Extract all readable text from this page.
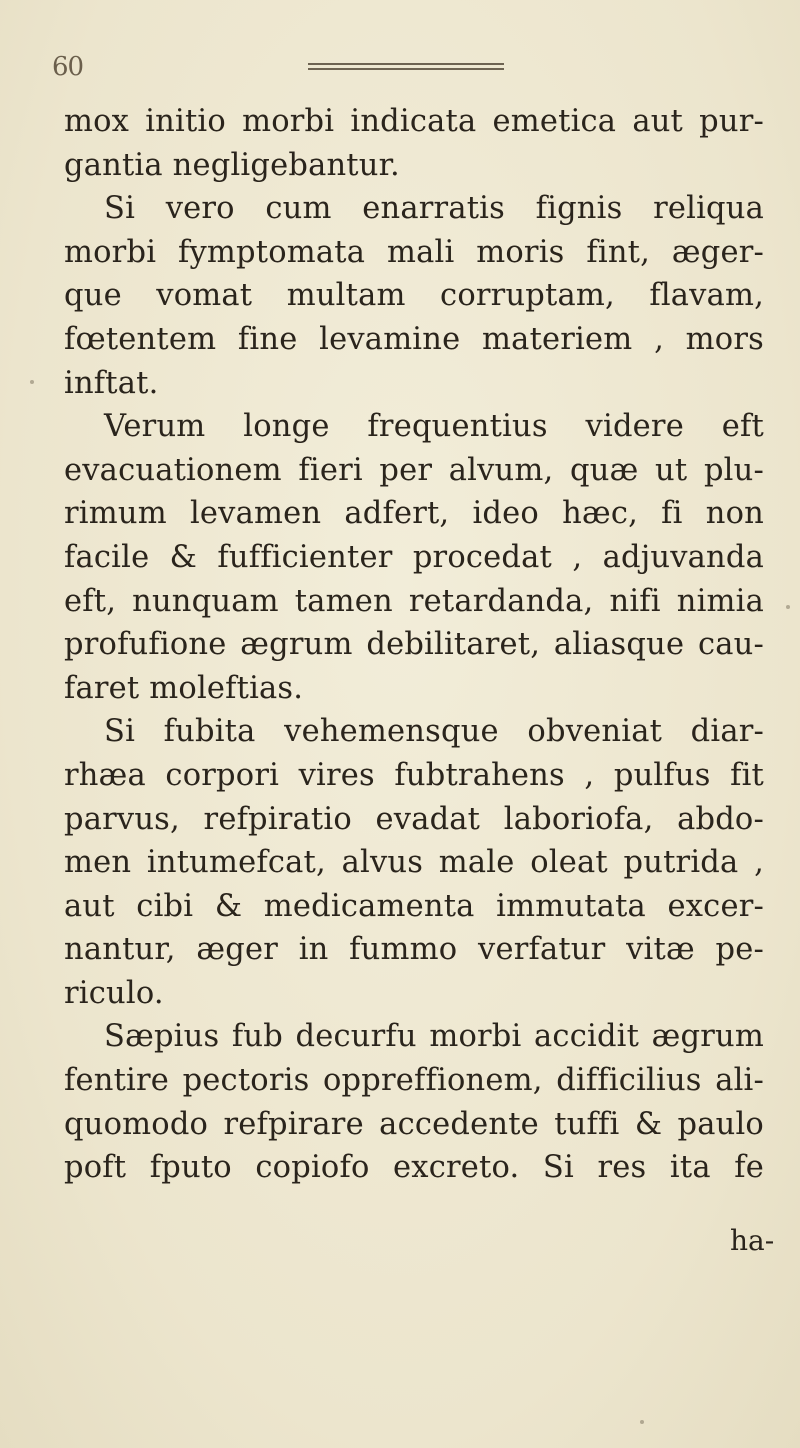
60
mox initio morbi indicata emetica aut pur-
gantia negligebantur.
Si vero cum enarratis fignis reliqua
morbi fymptomata mali moris fint, æger-
que vomat multam corruptam, flavam,
fœtentem fine levamine materiem , mors
inftat.
Verum longe frequentius videre eft
evacuationem fieri per alvum, quæ ut plu-
rimum levamen adfert, ideo hæc, fi non
facile & fufficienter procedat , adjuvanda
eft, nunquam tamen retardanda, nifi nimia
profufione ægrum debilitaret, aliasque cau-
faret moleftias.
Si fubita vehemensque obveniat diar-
rhæa corpori vires fubtrahens , pulfus fit
parvus, refpiratio evadat laboriofa, abdo-
men intumefcat, alvus male oleat putrida ,
aut cibi & medicamenta immutata excer-
nantur, æger in fummo verfatur vitæ pe-
riculo.
Sæpius fub decurfu morbi accidit ægrum
fentire pectoris oppreffionem, difficilius ali-
quomodo refpirare accedente tuffi & paulo
poft fputo copiofo excreto. Si res ita fe
ha-
